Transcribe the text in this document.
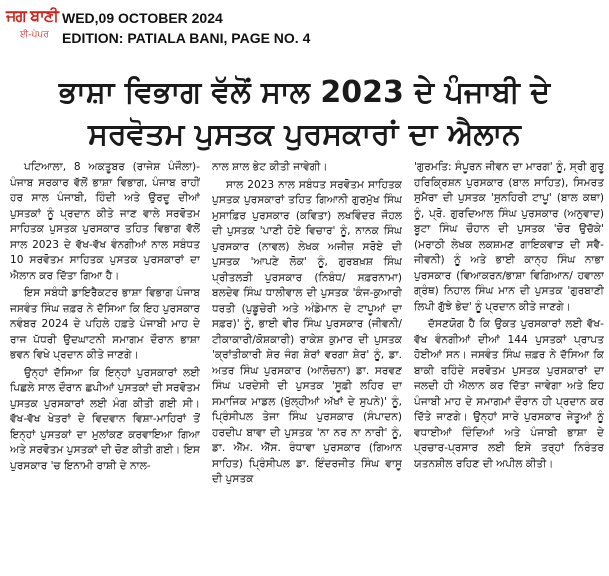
ਜਗ ਬਾਣੀ
ਈ-ਪੇਪਰ
WED,09 OCTOBER 2024
EDITION: PATIALA BANI, PAGE NO. 4
ਭਾਸ਼ਾ ਵਿਭਾਗ ਵੱਲੋਂ ਸਾਲ 2023 ਦੇ ਪੰਜਾਬੀ ਦੇ
ਸਰਵੋਤਮ ਪੁਸਤਕ ਪੁਰਸਕਾਰਾਂ ਦਾ ਐਲਾਨ

ਪਟਿਆਲਾ, 8 ਅਕਤੂਬਰ (ਰਾਜੇਸ਼ ਪੰਜੌਲਾ)- ਪੰਜਾਬ ਸਰਕਾਰ ਵੱਲੋਂ ਭਾਸ਼ਾ ਵਿਭਾਗ, ਪੰਜਾਬ ਰਾਹੀਂ ਹਰ ਸਾਲ ਪੰਜਾਬੀ, ਹਿੰਦੀ ਅਤੇ ਉਰਦੂ ਦੀਆਂ ਪੁਸਤਕਾਂ ਨੂੰ ਪ੍ਰਦਾਨ ਕੀਤੇ ਜਾਣ ਵਾਲੇ ਸਰਵੋਤਮ ਸਾਹਿਤਕ ਪੁਸਤਕ ਪੁਰਸਕਾਰ ਤਹਿਤ ਵਿਭਾਗ ਵੱਲੋਂ ਸਾਲ 2023 ਦੇ ਵੱਖ-ਵੱਖ ਵੰਨਗੀਆਂ ਨਾਲ ਸਬੰਧਤ 10 ਸਰਵੋਤਮ ਸਾਹਿਤਕ ਪੁਸਤਕ ਪੁਰਸਕਾਰਾਂ ਦਾ ਐਲਾਨ ਕਰ ਦਿੱਤਾ ਗਿਆ ਹੈ।

ਇਸ ਸਬੰਧੀ ਡਾਇਰੈਕਟਰ ਭਾਸ਼ਾ ਵਿਭਾਗ ਪੰਜਾਬ ਜਸਵੰਤ ਸਿੰਘ ਜ਼ਫ਼ਰ ਨੇ ਦੱਸਿਆ ਕਿ ਇਹ ਪੁਰਸਕਾਰ ਨਵੰਬਰ 2024 ਦੇ ਪਹਿਲੇ ਹਫ਼ਤੇ ਪੰਜਾਬੀ ਮਾਹ ਦੇ ਰਾਜ ਪੱਧਰੀ ਉਦਘਾਟਨੀ ਸਮਾਗਮ ਦੌਰਾਨ ਭਾਸ਼ਾ ਭਵਨ ਵਿਖੇ ਪ੍ਰਦਾਨ ਕੀਤੇ ਜਾਣਗੇ।

ਉਨ੍ਹਾਂ ਦੱਸਿਆ ਕਿ ਇਨ੍ਹਾਂ ਪੁਰਸਕਾਰਾਂ ਲਈ ਪਿਛਲੇ ਸਾਲ ਦੌਰਾਨ ਛਪੀਆਂ ਪੁਸਤਕਾਂ ਦੀ ਸਰਵੋਤਮ ਪੁਸਤਕ ਪੁਰਸਕਾਰਾਂ ਲਈ ਮੰਗ ਕੀਤੀ ਗਈ ਸੀ। ਵੱਖ-ਵੱਖ ਖੇਤਰਾਂ ਦੇ ਵਿਦਵਾਨ ਵਿਸ਼ਾ-ਮਾਹਿਰਾਂ ਤੋਂ ਇਨ੍ਹਾਂ ਪੁਸਤਕਾਂ ਦਾ ਮੁਲਾਂਕਣ ਕਰਵਾਇਆ ਗਿਆ ਅਤੇ ਸਰਵੋਤਮ ਪੁਸਤਕਾਂ ਦੀ ਚੋਣ ਕੀਤੀ ਗਈ। ਇਸ ਪੁਰਸਕਾਰ 'ਚ ਇਨਾਮੀ ਰਾਸ਼ੀ ਦੇ ਨਾਲ-

ਨਾਲ ਸ਼ਾਲ ਭੇਟ ਕੀਤੀ ਜਾਵੇਗੀ।

ਸਾਲ 2023 ਨਾਲ ਸਬੰਧਤ ਸਰਵੋਤਮ ਸਾਹਿਤਕ ਪੁਸਤਕ ਪੁਰਸਕਾਰਾਂ ਤਹਿਤ ਗਿਆਨੀ ਗੁਰਮੁੱਖ ਸਿੰਘ ਮੁਸਾਫ਼ਿਰ ਪੁਰਸਕਾਰ (ਕਵਿਤਾ) ਲਖਵਿੰਦਰ ਜੌਹਲ ਦੀ ਪੁਸਤਕ 'ਪਾਣੀ ਹੋਏ ਵਿਚਾਰ' ਨੂੰ, ਨਾਨਕ ਸਿੰਘ ਪੁਰਸਕਾਰ (ਨਾਵਲ) ਲੇਖਕ ਅਜੀਜ਼ ਸਰੋਏ ਦੀ ਪੁਸਤਕ 'ਆਪਣੇ ਲੋਕ' ਨੂੰ, ਗੁਰਬਖ਼ਸ਼ ਸਿੰਘ ਪ੍ਰੀਤਲੜੀ ਪੁਰਸਕਾਰ (ਨਿਬੰਧ/ ਸਫ਼ਰਨਾਮਾ) ਬਲਦੇਵ ਸਿੰਘ ਧਾਲੀਵਾਲ ਦੀ ਪੁਸਤਕ 'ਕੰਜ-ਕੁਆਰੀ ਧਰਤੀ (ਪੁਡੂਚੇਰੀ ਅਤੇ ਅੰਡੇਮਾਨ ਦੇ ਟਾਪੂਆਂ ਦਾ ਸਫ਼ਰ)' ਨੂੰ, ਭਾਈ ਵੀਰ ਸਿੰਘ ਪੁਰਸਕਾਰ (ਜੀਵਨੀ/ ਟੀਕਾਕਾਰੀ/ਕੋਸ਼ਕਾਰੀ) ਰਾਕੇਸ਼ ਕੁਮਾਰ ਦੀ ਪੁਸਤਕ 'ਕ੍ਰਾਂਤੀਕਾਰੀ ਸ਼ੇਰ ਜੰਗ ਸ਼ੇਰਾਂ ਵਰਗਾ ਸ਼ੇਰ' ਨੂੰ, ਡਾ. ਅਤਰ ਸਿੰਘ ਪੁਰਸਕਾਰ (ਆਲੋਚਨਾ) ਡਾ. ਸਰਵਣ ਸਿੰਘ ਪਰਦੇਸੀ ਦੀ ਪੁਸਤਕ 'ਸੂਫ਼ੀ ਲਹਿਰ ਦਾ ਸਮਾਜਿਕ ਮਾਡਲ (ਖੁੱਲ੍ਹੀਆਂ ਅੱਖਾਂ ਦੇ ਸੁਪਨੇ)' ਨੂੰ, ਪ੍ਰਿੰਸੀਪਲ ਤੇਜਾ ਸਿੰਘ ਪੁਰਸਕਾਰ (ਸੰਪਾਦਨ) ਹਰਦੀਪ ਬਾਵਾ ਦੀ ਪੁਸਤਕ 'ਨਾ ਨਰ ਨਾ ਨਾਰੀ' ਨੂੰ, ਡਾ. ਐੱਮ. ਐੱਸ. ਰੰਧਾਵਾ ਪੁਰਸਕਾਰ (ਗਿਆਨ ਸਾਹਿਤ) ਪ੍ਰਿੰਸੀਪਲ ਡਾ. ਇੰਦਰਜੀਤ ਸਿੰਘ ਵਾਸੂ ਦੀ ਪੁਸਤਕ

'ਗੁਰਮਤਿ: ਸੰਪੂਰਨ ਜੀਵਨ ਦਾ ਮਾਰਗ' ਨੂੰ, ਸ੍ਰੀ ਗੁਰੂ ਹਰਿਕ੍ਰਿਸ਼ਨ ਪੁਰਸਕਾਰ (ਬਾਲ ਸਾਹਿਤ), ਸਿਮਰਤ ਸੁਮੈਰਾ ਦੀ ਪੁਸਤਕ 'ਸੁਨਹਿਰੀ ਟਾਪੂ' (ਬਾਲ ਕਥਾ) ਨੂੰ, ਪ੍ਰੋ. ਗੁਰਦਿਆਲ ਸਿੰਘ ਪੁਰਸਕਾਰ (ਅਨੁਵਾਦ) ਬੂਟਾ ਸਿੰਘ ਚੌਹਾਨ ਦੀ ਪੁਸਤਕ 'ਚੋਰ ਉਚੱਕੇ' (ਮਰਾਠੀ ਲੇਖਕ ਲਕਸ਼ਮਣ ਗਾਇਕਵਾੜ ਦੀ ਸਵੈ-ਜੀਵਨੀ) ਨੂੰ ਅਤੇ ਭਾਈ ਕਾਨ੍ਹ ਸਿੰਘ ਨਾਭਾ ਪੁਰਸਕਾਰ (ਵਿਆਕਰਨ/ਭਾਸ਼ਾ ਵਿਗਿਆਨ/ ਹਵਾਲਾ ਗ੍ਰੰਥ) ਨਿਹਾਲ ਸਿੰਘ ਮਾਨ ਦੀ ਪੁਸਤਕ 'ਗੁਰਬਾਣੀ ਲਿਪੀ ਗੁੱਝੇ ਭੇਦ' ਨੂੰ ਪ੍ਰਦਾਨ ਕੀਤੇ ਜਾਣਗੇ।

ਦੱਸਣਯੋਗ ਹੈ ਕਿ ਉਕਤ ਪੁਰਸਕਾਰਾਂ ਲਈ ਵੱਖ-ਵੱਖ ਵੰਨਗੀਆਂ ਦੀਆਂ 144 ਪੁਸਤਕਾਂ ਪ੍ਰਾਪਤ ਹੋਈਆਂ ਸਨ। ਜਸਵੰਤ ਸਿੰਘ ਜ਼ਫ਼ਰ ਨੇ ਦੱਸਿਆ ਕਿ ਬਾਕੀ ਰਹਿੰਦੇ ਸਰਵੋਤਮ ਪੁਸਤਕ ਪੁਰਸਕਾਰਾਂ ਦਾ ਜਲਦੀ ਹੀ ਐਲਾਨ ਕਰ ਦਿੱਤਾ ਜਾਵੇਗਾ ਅਤੇ ਇਹ ਪੰਜਾਬੀ ਮਾਹ ਦੇ ਸਮਾਗਮਾਂ ਦੌਰਾਨ ਹੀ ਪ੍ਰਦਾਨ ਕਰ ਦਿੱਤੇ ਜਾਣਗੇ। ਉਨ੍ਹਾਂ ਸਾਰੇ ਪੁਰਸਕਾਰ ਜੇਤੂਆਂ ਨੂੰ ਵਧਾਈਆਂ ਦਿੰਦਿਆਂ ਅਤੇ ਪੰਜਾਬੀ ਭਾਸ਼ਾ ਦੇ ਪ੍ਰਚਾਰ-ਪ੍ਰਸਾਰ ਲਈ ਇਸੇ ਤਰ੍ਹਾਂ ਨਿਰੰਤਰ ਯਤਨਸ਼ੀਲ ਰਹਿਣ ਦੀ ਅਪੀਲ ਕੀਤੀ।
